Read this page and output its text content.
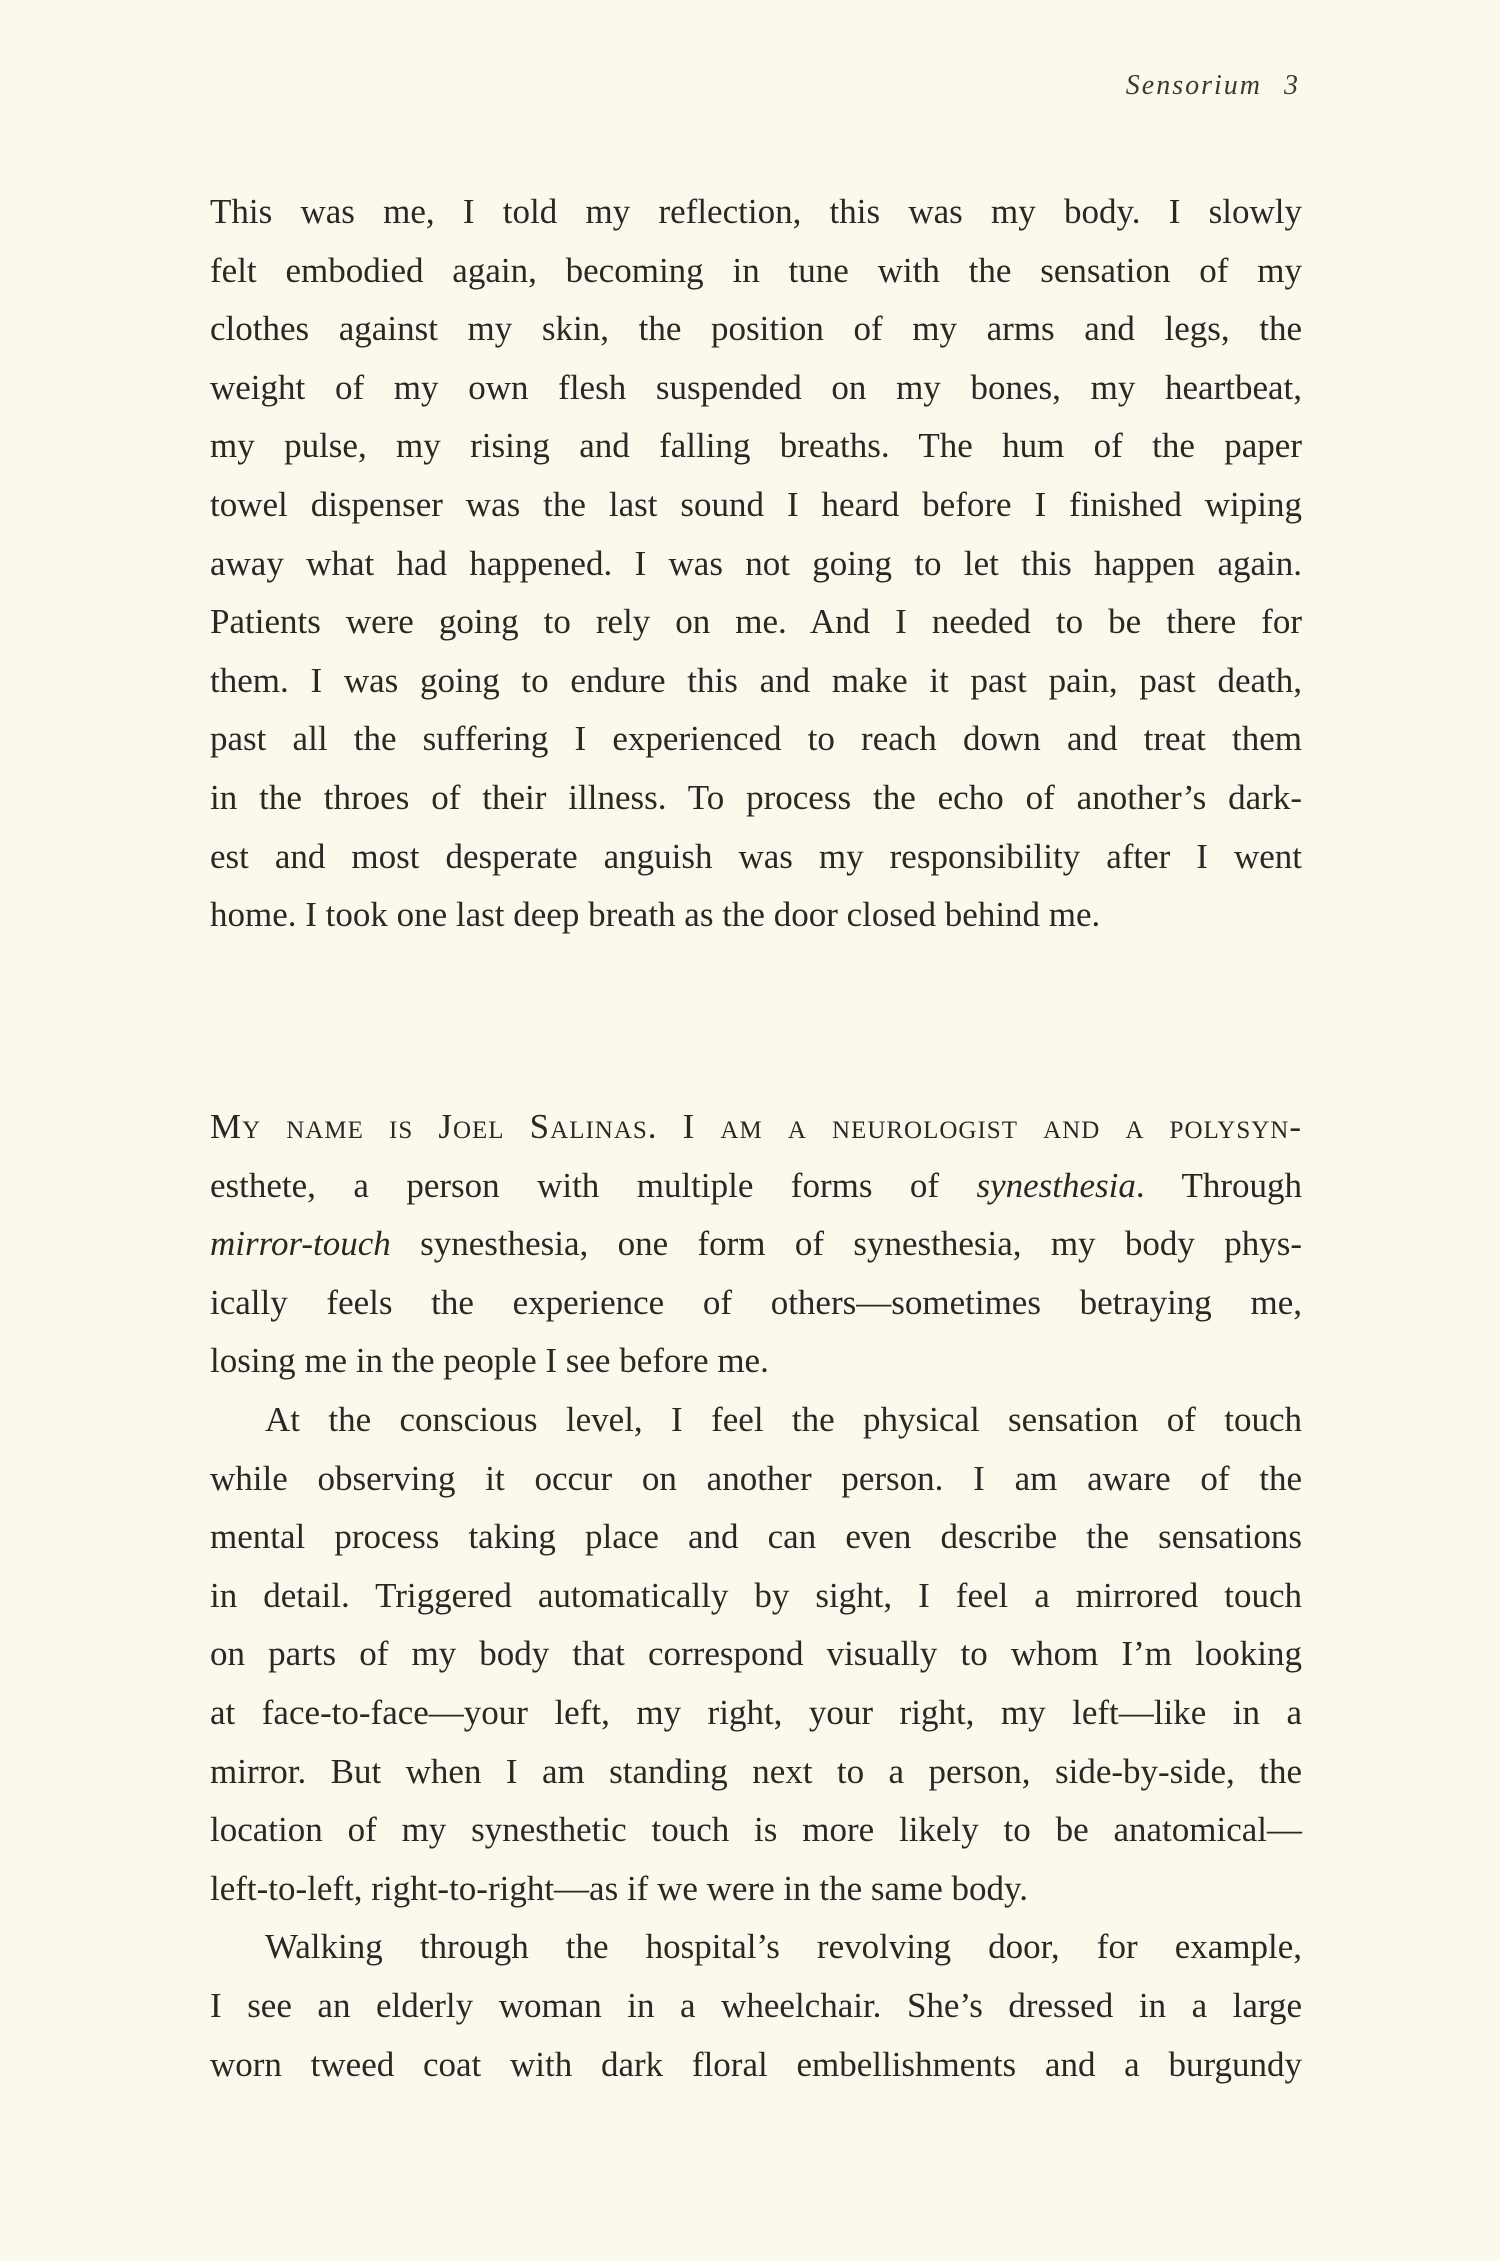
Sensorium 3

This was me, I told my reflection, this was my body. I slowly
felt embodied again, becoming in tune with the sensation of my
clothes against my skin, the position of my arms and legs, the
weight of my own flesh suspended on my bones, my heartbeat,
my pulse, my rising and falling breaths. The hum of the paper
towel dispenser was the last sound I heard before I finished wiping
away what had happened. I was not going to let this happen again.
Patients were going to rely on me. And I needed to be there for
them. I was going to endure this and make it past pain, past death,
past all the suffering I experienced to reach down and treat them
in the throes of their illness. To process the echo of another’s dark-
est and most desperate anguish was my responsibility after I went
home. I took one last deep breath as the door closed behind me.

My name is Joel Salinas. I am a neurologist and a polysyn-
esthete, a person with multiple forms of synesthesia. Through
mirror-touch synesthesia, one form of synesthesia, my body phys-
ically feels the experience of others—sometimes betraying me,
losing me in the people I see before me.

At the conscious level, I feel the physical sensation of touch
while observing it occur on another person. I am aware of the
mental process taking place and can even describe the sensations
in detail. Triggered automatically by sight, I feel a mirrored touch
on parts of my body that correspond visually to whom I’m looking
at face-to-face—your left, my right, your right, my left—like in a
mirror. But when I am standing next to a person, side-by-side, the
location of my synesthetic touch is more likely to be anatomical—
left-to-left, right-to-right—as if we were in the same body.

Walking through the hospital’s revolving door, for example,
I see an elderly woman in a wheelchair. She’s dressed in a large
worn tweed coat with dark floral embellishments and a burgundy
